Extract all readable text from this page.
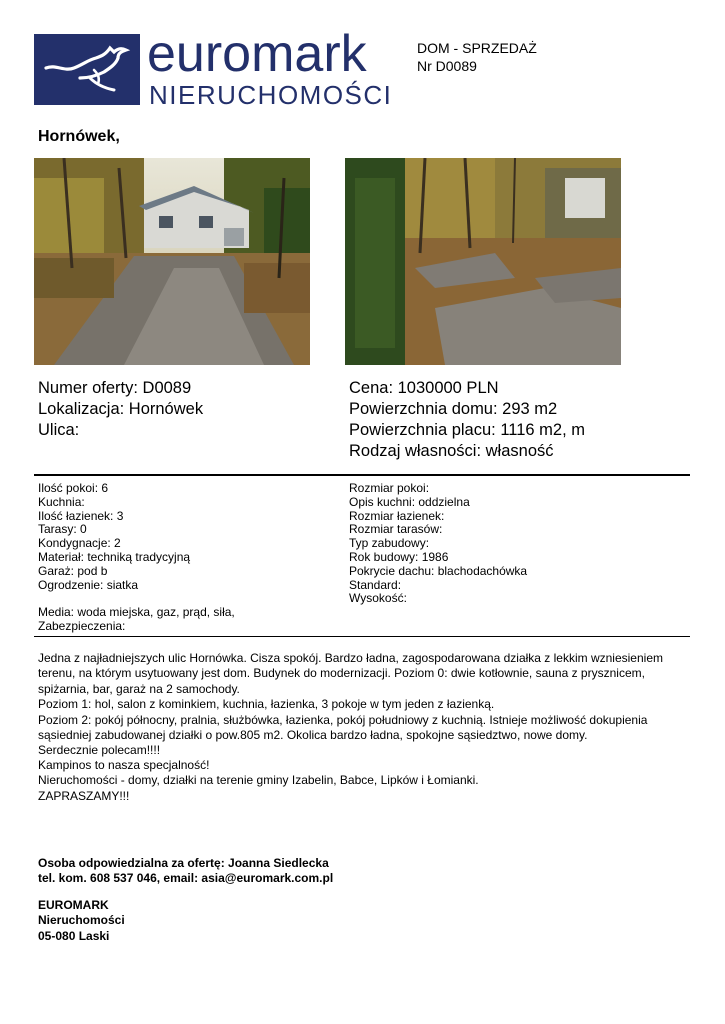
euromark
NIERUCHOMOŚCI
DOM - SPRZEDAŻ
Nr D0089
Hornówek,
Numer oferty: D0089
Lokalizacja: Hornówek
Ulica:
Cena: 1030000 PLN
Powierzchnia domu: 293 m2
Powierzchnia placu: 1116 m2, m
Rodzaj własności: własność
Ilość pokoi: 6
Kuchnia:
Ilość łazienek: 3
Tarasy: 0
Kondygnacje: 2
Materiał: techniką tradycyjną
Garaż: pod b
Ogrodzenie: siatka
Media: woda miejska, gaz, prąd, siła,
Zabezpieczenia:
Rozmiar pokoi:
Opis kuchni: oddzielna
Rozmiar łazienek:
Rozmiar tarasów:
Typ zabudowy:
Rok budowy: 1986
Pokrycie dachu: blachodachówka
Standard:
Wysokość:
Jedna z najładniejszych ulic Hornówka. Cisza spokój. Bardzo ładna, zagospodarowana działka z lekkim wzniesieniem
terenu, na którym usytuowany jest dom. Budynek do modernizacji. Poziom 0: dwie kotłownie, sauna z prysznicem,
spiżarnia, bar, garaż na 2 samochody.
Poziom 1: hol, salon z kominkiem, kuchnia, łazienka, 3 pokoje w tym jeden z łazienką.
Poziom 2: pokój północny, pralnia, służbówka, łazienka, pokój południowy z kuchnią. Istnieje możliwość dokupienia
sąsiedniej zabudowanej działki o pow.805 m2. Okolica bardzo ładna, spokojne sąsiedztwo, nowe domy.
Serdecznie polecam!!!!
Kampinos to nasza specjalność!
Nieruchomości - domy, działki na terenie gminy Izabelin, Babce, Lipków i Łomianki.
ZAPRASZAMY!!!
Osoba odpowiedzialna za ofertę: Joanna Siedlecka
tel. kom. 608 537 046, email: asia@euromark.com.pl
EUROMARK
Nieruchomości
05-080 Laski
